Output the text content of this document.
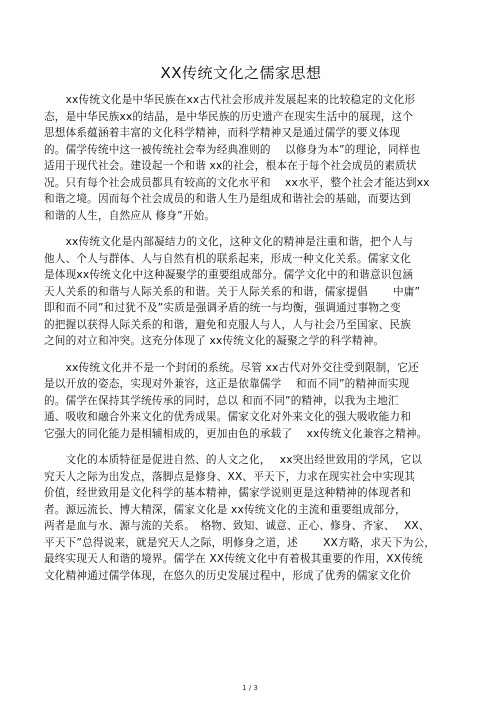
XX传统文化之儒家思想
　　xx传统文化是中华民族在xx古代社会形成并发展起来的比较稳定的文化形
态，是中华民族xx的结晶，是中华民族的历史遗产在现实生活中的展现，这个
思想体系蕴涵着丰富的文化科学精神，而科学精神又是通过儒学的要义体现
的。儒学传统中这一被传统社会奉为经典准则的　 以修身为本”的理论，同样也
适用于现代社会。建设起一个和谐 xx的社会，根本在于每个社会成员的素质状
况。只有每个社会成员都具有较高的文化水平和　 xx水平，整个社会才能达到xx
和谐之境。因而每个社会成员的和谐人生乃是组成和谐社会的基础，而要达到
和谐的人生，自然应从 修身”开始。
　　xx传统文化是内部凝结力的文化，这种文化的精神是注重和谐，把个人与
他人、个人与群体、人与自然有机的联系起来，形成一种文化关系。儒家文化
是体现xx传统文化中这种凝聚学的重要组成部分。儒学文化中的和谐意识包涵
天人关系的和谐与人际关系的和谐。关于人际关系的和谐，儒家提倡　　 中庸”
即和而不同”和过犹不及”实质是强调矛盾的统一与均衡，强调通过事物之变
的把握以获得人际关系的和谐，避免和克服人与人，人与社会乃至国家、民族
之间的对立和冲突。这充分体现了 xx传统文化的凝聚之学的科学精神。
　　xx传统文化并不是一个封闭的系统。尽管 xx古代对外交往受到限制，它还
是以开放的姿态，实现对外兼容，这正是依靠儒学　 和而不同”的精神而实现
的。儒学在保持其学统传承的同时，总以 和而不同”的精神，以我为主地汇
通、吸收和融合外来文化的优秀成果。儒家文化对外来文化的强大吸收能力和
它强大的同化能力是相辅相成的，更加由色的承载了　 xx传统文化兼容之精神。
　　文化的本质特征是促进自然、的人文之化，　 xx突出经世致用的学风，它以
究天人之际为出发点，落脚点是修身、XX、平天下，力求在现实社会中实现其
价值，经世致用是文化科学的基本精神，儒家学说则更是这种精神的体现者和
者。源远流长、博大精深，儒家文化是 xx传统文化的主流和重要组成部分，
两者是血与水、源与流的关系。　格物、致知、诚意、正心、修身、齐家、　 XX、
平天下”总得说来，就是究天人之际，明修身之道，述　　 XX方略，求天下为公，
最终实现天人和谐的境界。儒学在 XX传统文化中有着极其重要的作用，XX传统
文化精神通过儒学体现，在悠久的历史发展过程中，形成了优秀的儒家文化价
1 / 3
